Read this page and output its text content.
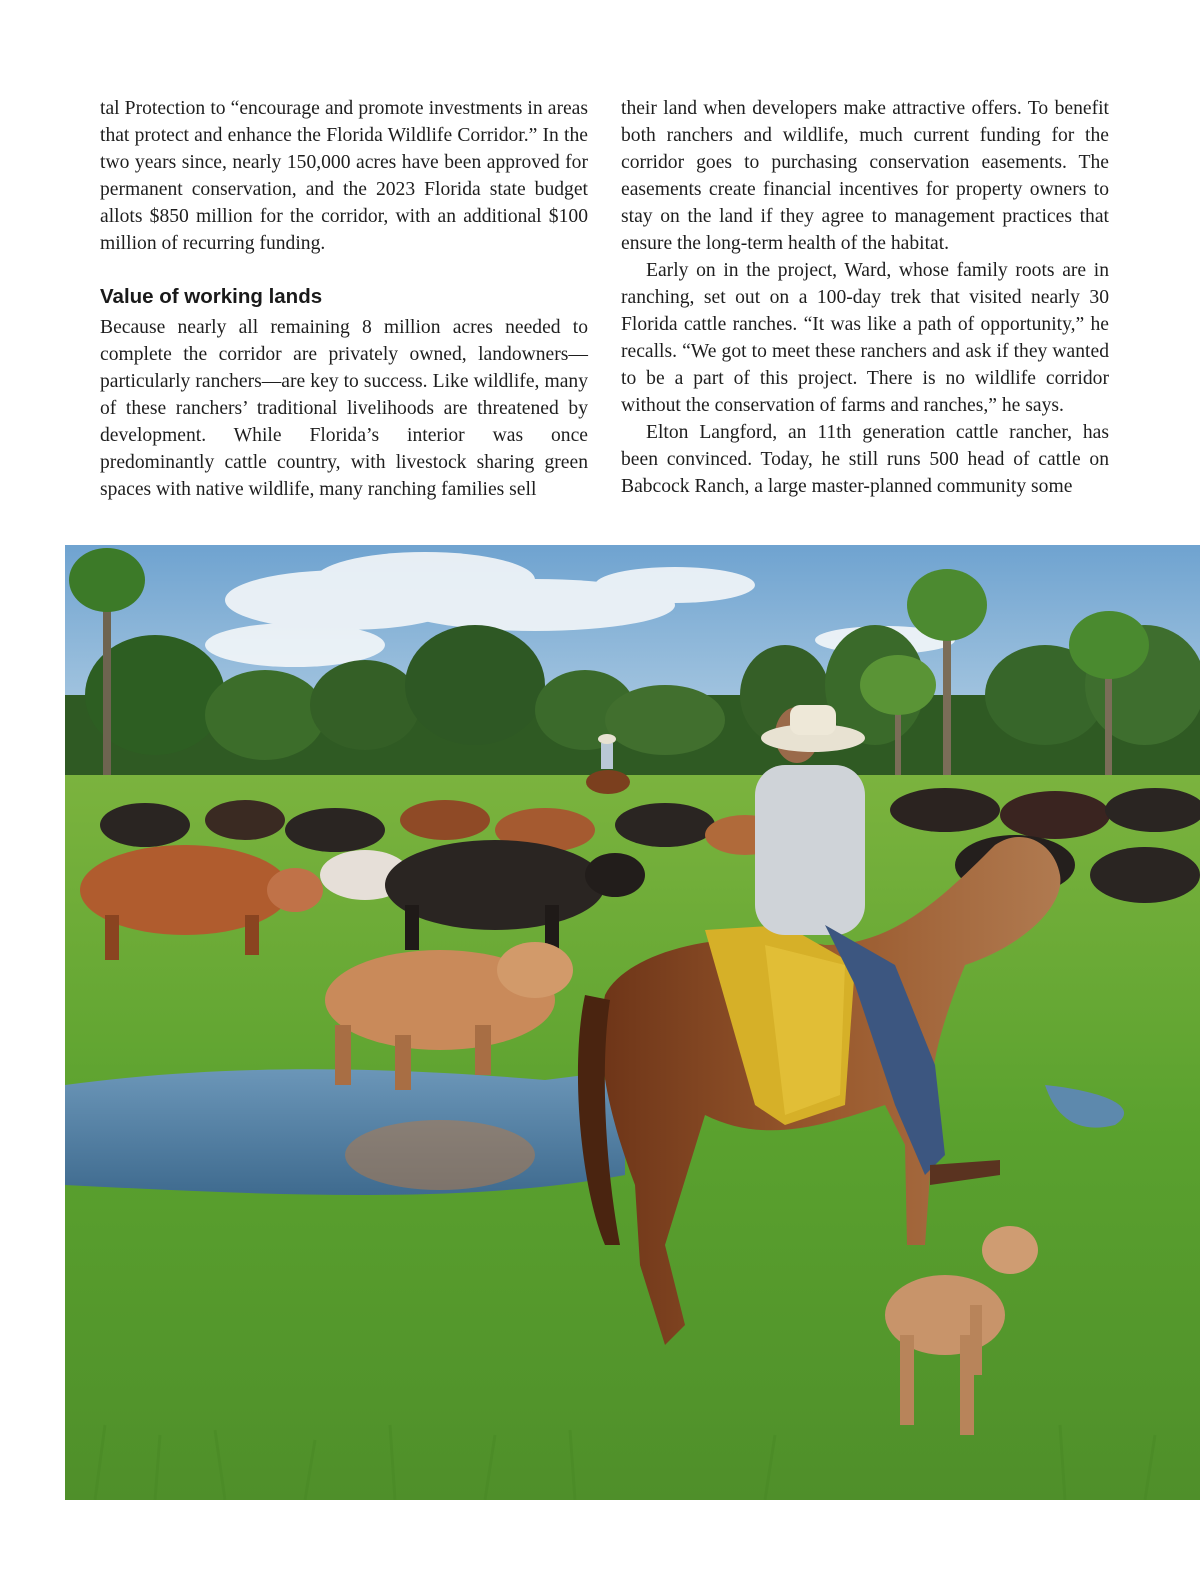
tal Protection to “encourage and promote investments in areas that protect and enhance the Florida Wildlife Corridor.” In the two years since, nearly 150,000 acres have been approved for permanent conservation, and the 2023 Florida state budget allots $850 million for the corridor, with an additional $100 million of recurring funding.

Value of working lands

Because nearly all remaining 8 million acres needed to complete the corridor are privately owned, landowners—particularly ranchers—are key to success. Like wildlife, many of these ranchers’ traditional livelihoods are threatened by development. While Florida’s interior was once predominantly cattle country, with livestock sharing green spaces with native wildlife, many ranching families sell

their land when developers make attractive offers. To benefit both ranchers and wildlife, much current funding for the corridor goes to purchasing conservation easements. The easements create financial incentives for property owners to stay on the land if they agree to management practices that ensure the long-term health of the habitat.

Early on in the project, Ward, whose family roots are in ranching, set out on a 100-day trek that visited nearly 30 Florida cattle ranches. “It was like a path of opportunity,” he recalls. “We got to meet these ranchers and ask if they wanted to be a part of this project. There is no wildlife corridor without the conservation of farms and ranches,” he says.

Elton Langford, an 11th generation cattle rancher, has been convinced. Today, he still runs 500 head of cattle on Babcock Ranch, a large master-planned community some
